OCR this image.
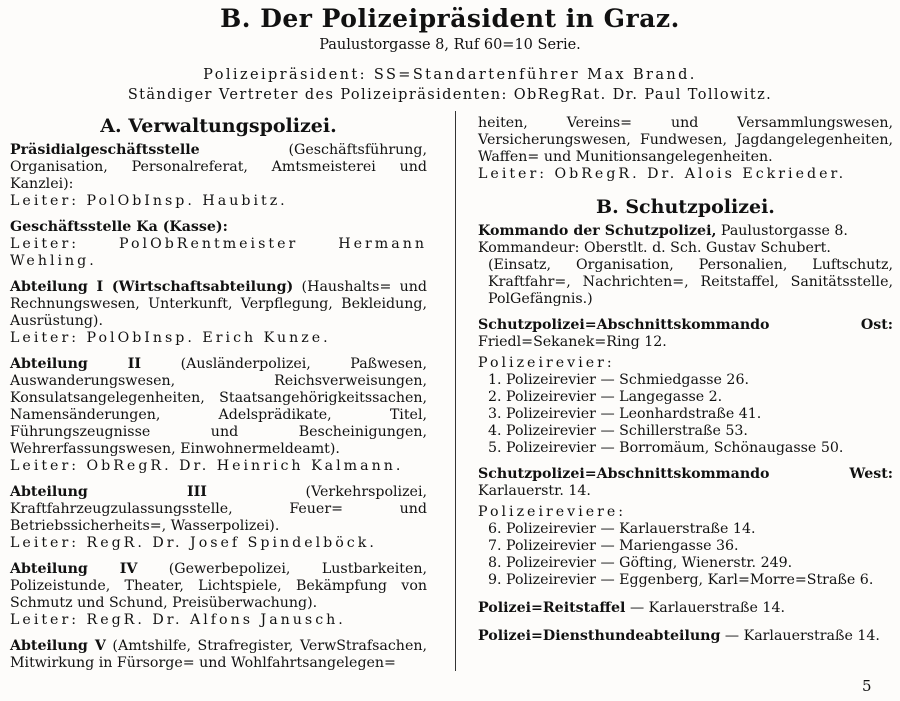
B. Der Polizeipräsident in Graz.
Paulustorgasse 8, Ruf 60=10 Serie.
Polizeipräsident: SS=Standartenführer Max Brand.
Ständiger Vertreter des Polizeipräsidenten: ObRegRat. Dr. Paul Tollowitz.
A. Verwaltungspolizei.

Präsidialgeschäftsstelle (Geschäftsführung, Organisation, Personalreferat, Amtsmeisterei und Kanzlei):

Leiter: PolObInsp. Haubitz.

Geschäftsstelle Ka (Kasse):

Leiter: PolObRentmeister Hermann Wehling.

Abteilung I (Wirtschaftsabteilung) (Haushalts= und Rechnungswesen, Unterkunft, Verpflegung, Bekleidung, Ausrüstung).

Leiter: PolObInsp. Erich Kunze.

Abteilung II (Ausländerpolizei, Paßwesen, Auswanderungswesen, Reichsverweisungen, Konsulatsangelegenheiten, Staatsangehörigkeitssachen, Namensänderungen, Adelsprädikate, Titel, Führungszeugnisse und Bescheinigungen, Wehrerfassungswesen, Einwohnermeldeamt).

Leiter: ObRegR. Dr. Heinrich Kalmann.

Abteilung III (Verkehrspolizei, Kraftfahrzeugzulassungsstelle, Feuer= und Betriebssicherheits=, Wasserpolizei).

Leiter: RegR. Dr. Josef Spindelböck.

Abteilung IV (Gewerbepolizei, Lustbarkeiten, Polizeistunde, Theater, Lichtspiele, Bekämpfung von Schmutz und Schund, Preisüberwachung).

Leiter: RegR. Dr. Alfons Janusch.

Abteilung V (Amtshilfe, Strafregister, VerwStrafsachen, Mitwirkung in Fürsorge= und Wohlfahrtsangelegen=

heiten, Vereins= und Versammlungswesen, Versicherungswesen, Fundwesen, Jagdangelegenheiten, Waffen= und Munitionsangelegenheiten.

Leiter: ObRegR. Dr. Alois Eckrieder.

B. Schutzpolizei.

Kommando der Schutzpolizei, Paulustorgasse 8.

Kommandeur: Oberstlt. d. Sch. Gustav Schubert.

(Einsatz, Organisation, Personalien, Luftschutz, Kraftfahr=, Nachrichten=, Reitstaffel, Sanitätsstelle, PolGefängnis.)

Schutzpolizei=Abschnittskommando Ost: Friedl=Sekanek=Ring 12.

Polizeirevier:

1. Polizeirevier — Schmiedgasse 26.
2. Polizeirevier — Langegasse 2.
3. Polizeirevier — Leonhardstraße 41.
4. Polizeirevier — Schillerstraße 53.
5. Polizeirevier — Borromäum, Schönaugasse 50.

Schutzpolizei=Abschnittskommando West: Karlauerstr. 14.

Polizeireviere:

6. Polizeirevier — Karlauerstraße 14.
7. Polizeirevier — Mariengasse 36.
8. Polizeirevier — Göfting, Wienerstr. 249.
9. Polizeirevier — Eggenberg, Karl=Morre=Straße 6.

Polizei=Reitstaffel — Karlauerstraße 14.

Polizei=Diensthundeabteilung — Karlauerstraße 14.

5
